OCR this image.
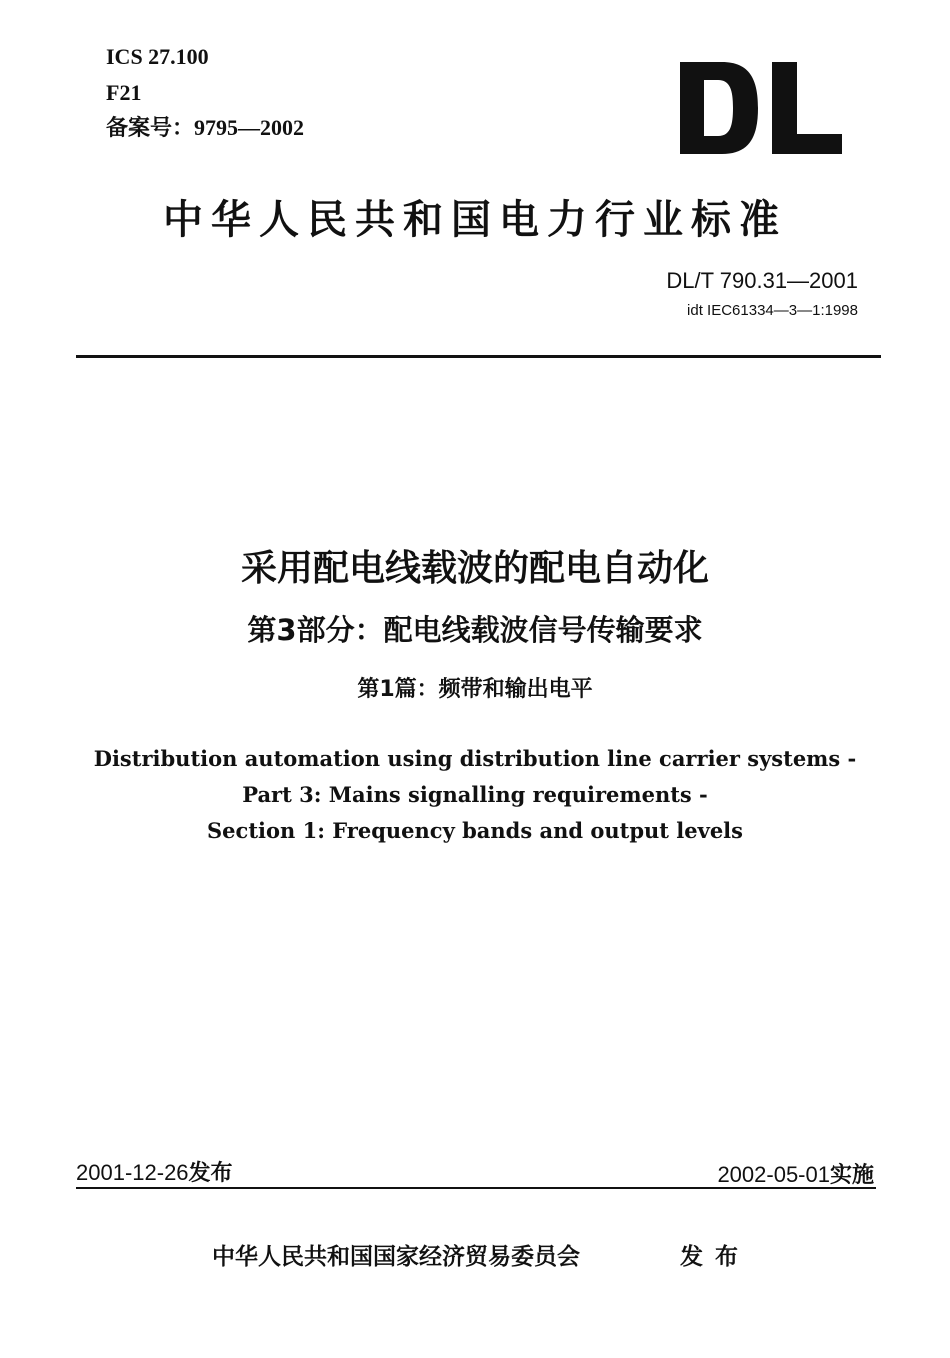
ICS 27.100
F21
备案号：9795—2002
中华人民共和国电力行业标准
DL/T 790.31—2001
idt IEC61334—3—1:1998
采用配电线载波的配电自动化
第3部分：配电线载波信号传输要求
第1篇：频带和输出电平
Distribution automation using distribution line carrier systems -
Part 3: Mains signalling requirements -
Section 1: Frequency bands and output levels
2001-12-26发布	2002-05-01实施
中华人民共和国国家经济贸易委员会	发布
